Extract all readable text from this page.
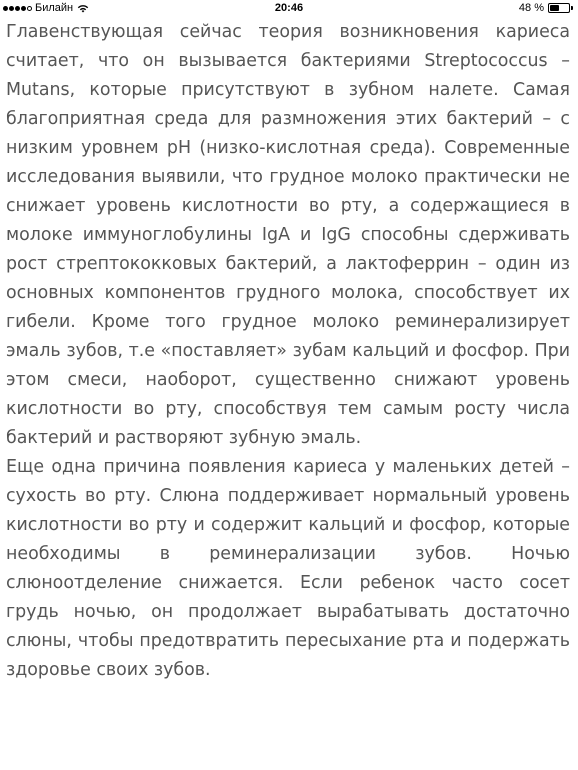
Билайн	20:46	48 %

Главенствующая сейчас теория возникновения кариеса считает, что он вызывается бактериями Streptococcus – Mutans, которые присутствуют в зубном налете. Самая благоприятная среда для размножения этих бактерий – с низким уровнем pH (низко-кислотная среда). Современные исследования выявили, что грудное молоко практически не снижает уровень кислотности во рту, а содержащиеся в молоке иммуноглобулины IgA и IgG способны сдерживать рост стрептококковых бактерий, а лактоферрин – один из основных компонентов грудного молока, способствует их гибели. Кроме того грудное молоко реминерализирует эмаль зубов, т.е «поставляет» зубам кальций и фосфор. При этом смеси, наоборот, существенно снижают уровень кислотности во рту, способствуя тем самым росту числа бактерий и растворяют зубную эмаль.

Еще одна причина появления кариеса у маленьких детей – сухость во рту. Слюна поддерживает нормальный уровень кислотности во рту и содержит кальций и фосфор, которые необходимы в реминерализации зубов. Ночью слюноотделение снижается. Если ребенок часто сосет грудь ночью, он продолжает вырабатывать достаточно слюны, чтобы предотвратить пересыхание рта и подержать здоровье своих зубов.
